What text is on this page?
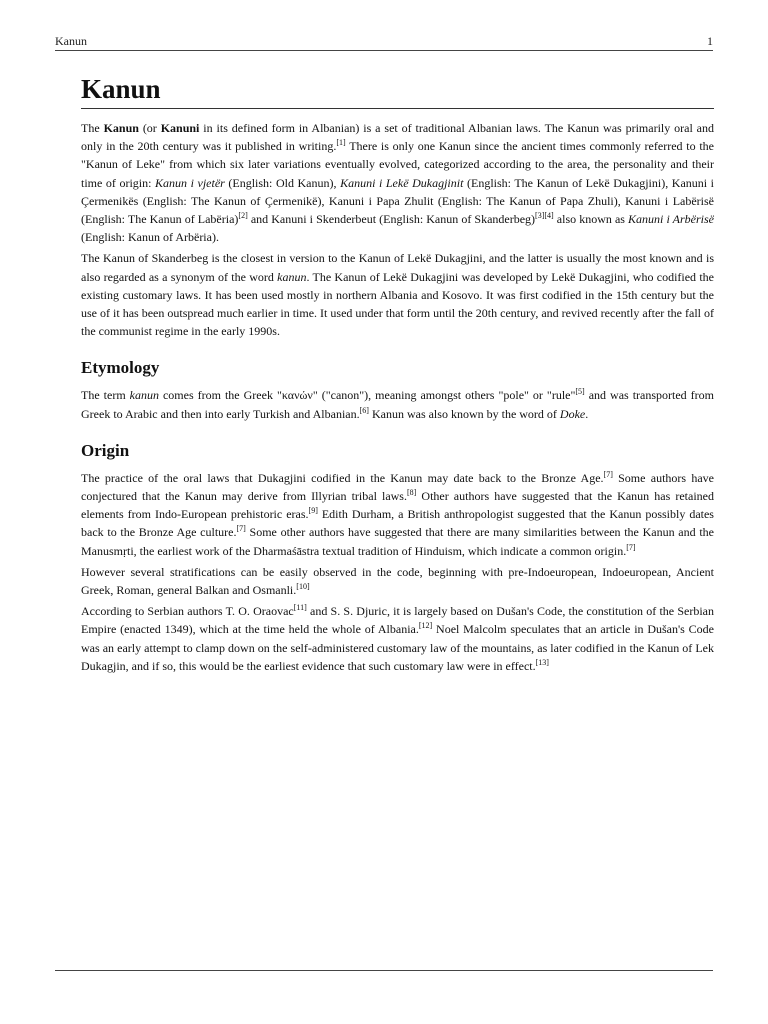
Kanun	1
Kanun

The Kanun (or Kanuni in its defined form in Albanian) is a set of traditional Albanian laws. The Kanun was primarily oral and only in the 20th century was it published in writing.[1] There is only one Kanun since the ancient times commonly referred to the "Kanun of Leke" from which six later variations eventually evolved, categorized according to the area, the personality and their time of origin: Kanun i vjetër (English: Old Kanun), Kanuni i Lekë Dukagjinit (English: The Kanun of Lekë Dukagjini), Kanuni i Çermenikës (English: The Kanun of Çermenikë), Kanuni i Papa Zhulit (English: The Kanun of Papa Zhuli), Kanuni i Labërisë (English: The Kanun of Labëria)[2] and Kanuni i Skenderbeut (English: Kanun of Skanderbeg)[3][4] also known as Kanuni i Arbërisë (English: Kanun of Arbëria).

The Kanun of Skanderbeg is the closest in version to the Kanun of Lekë Dukagjini, and the latter is usually the most known and is also regarded as a synonym of the word kanun. The Kanun of Lekë Dukagjini was developed by Lekë Dukagjini, who codified the existing customary laws. It has been used mostly in northern Albania and Kosovo. It was first codified in the 15th century but the use of it has been outspread much earlier in time. It used under that form until the 20th century, and revived recently after the fall of the communist regime in the early 1990s.

Etymology

The term kanun comes from the Greek "κανών" ("canon"), meaning amongst others "pole" or "rule"[5] and was transported from Greek to Arabic and then into early Turkish and Albanian.[6] Kanun was also known by the word of Doke.

Origin

The practice of the oral laws that Dukagjini codified in the Kanun may date back to the Bronze Age.[7] Some authors have conjectured that the Kanun may derive from Illyrian tribal laws.[8] Other authors have suggested that the Kanun has retained elements from Indo-European prehistoric eras.[9] Edith Durham, a British anthropologist suggested that the Kanun possibly dates back to the Bronze Age culture.[7] Some other authors have suggested that there are many similarities between the Kanun and the Manusmṛti, the earliest work of the Dharmaśāstra textual tradition of Hinduism, which indicate a common origin.[7]

However several stratifications can be easily observed in the code, beginning with pre-Indoeuropean, Indoeuropean, Ancient Greek, Roman, general Balkan and Osmanli.[10]

According to Serbian authors T. O. Oraovac[11] and S. S. Djuric, it is largely based on Dušan's Code, the constitution of the Serbian Empire (enacted 1349), which at the time held the whole of Albania.[12] Noel Malcolm speculates that an article in Dušan's Code was an early attempt to clamp down on the self-administered customary law of the mountains, as later codified in the Kanun of Lek Dukagjin, and if so, this would be the earliest evidence that such customary law were in effect.[13]
